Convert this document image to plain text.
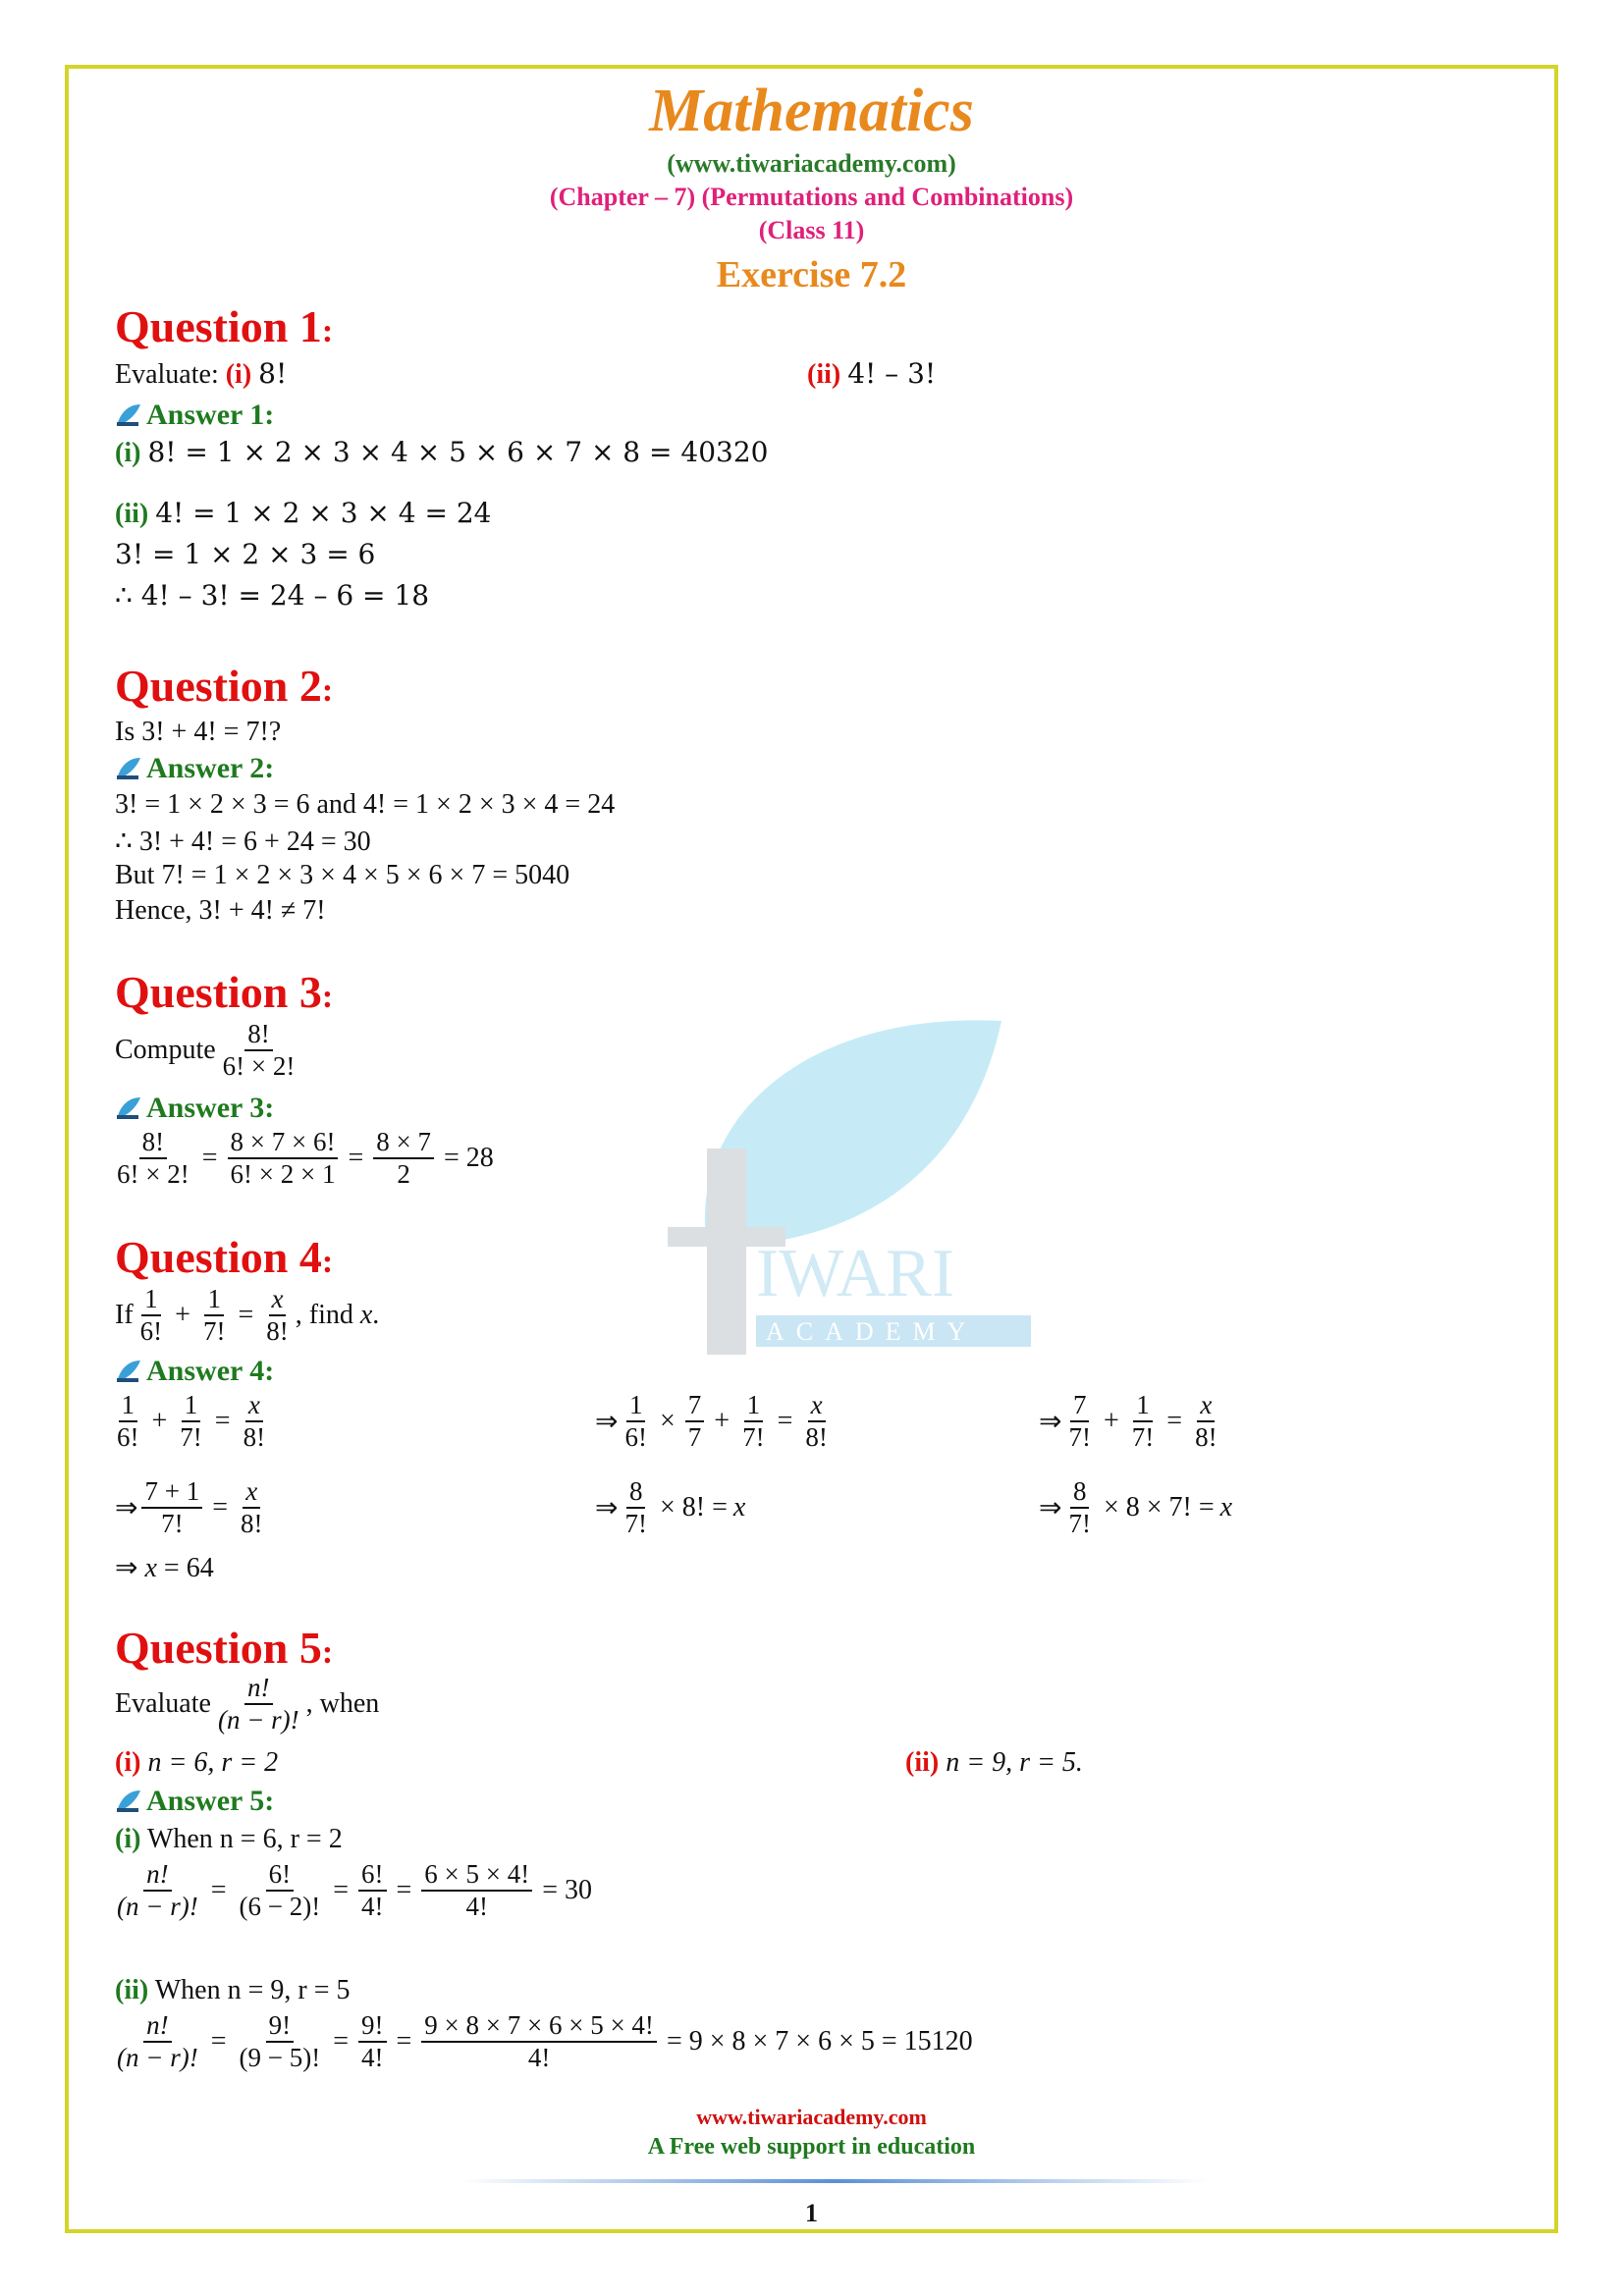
IWARI
ACADEMY
Mathematics
(www.tiwariacademy.com)
(Chapter – 7) (Permutations and Combinations)
(Class 11)
Exercise 7.2
Question 1:
Evaluate: (i) 8!	(ii) 4! – 3!
Answer 1:
(i) 8! = 1 × 2 × 3 × 4 × 5 × 6 × 7 × 8 = 40320
(ii) 4! = 1 × 2 × 3 × 4 = 24
3! = 1 × 2 × 3 = 6
∴ 4! – 3! = 24 – 6 = 18
Question 2:
Is 3! + 4! = 7!?
Answer 2:
3! = 1 × 2 × 3 = 6 and 4! = 1 × 2 × 3 × 4 = 24
∴ 3! + 4! = 6 + 24 = 30
But 7! = 1 × 2 × 3 × 4 × 5 × 6 × 7 = 5040
Hence, 3! + 4! ≠ 7!
Question 3:
Compute $\frac{8!}{6! \times 2!}$
Answer 3:
$\frac{8!}{6! \times 2!} = \frac{8 \times 7 \times 6!}{6! \times 2 \times 1} = \frac{8 \times 7}{2} = 28$
Question 4:
If $\frac{1}{6!} + \frac{1}{7!} = \frac{x}{8!}$ , find
x .
Answer 4:
$\frac{1}{6!} + \frac{1}{7!} = \frac{x}{8!}$	⇒ $\frac{1}{6!} \times \frac{7}{7} + \frac{1}{7!} = \frac{x}{8!}$	⇒ $\frac{7}{7!} + \frac{1}{7!} = \frac{x}{8!}$
⇒ $\frac{7 + 1}{7!} = \frac{x}{8!}$	⇒ $\frac{8}{7!} \times 8$! = x	⇒ $\frac{8}{7!} \times 8 \times 7$! = x
⇒ x = 64
Question 5:
Evaluate $\frac{n!}{(n - r)!}$ , when
(i) n = 6, r = 2	(ii) n = 9, r = 5.
Answer 5:
(i) When n = 6, r = 2
$\frac{n!}{(n - r)!} = \frac{6!}{(6 - 2)!} = \frac{6!}{4!} = \frac{6 \times 5 \times 4!}{4!} = 30$
(ii) When n = 9, r = 5
$\frac{n!}{(n - r)!} = \frac{9!}{(9 - 5)!} = \frac{9!}{4!} = \frac{9 \times 8 \times 7 \times 6 \times 5 \times 4!}{4!} = 9 \times 8 \times 7 \times 6 \times 5 = 15120$
www.tiwariacademy.com
A Free web support in education
1
